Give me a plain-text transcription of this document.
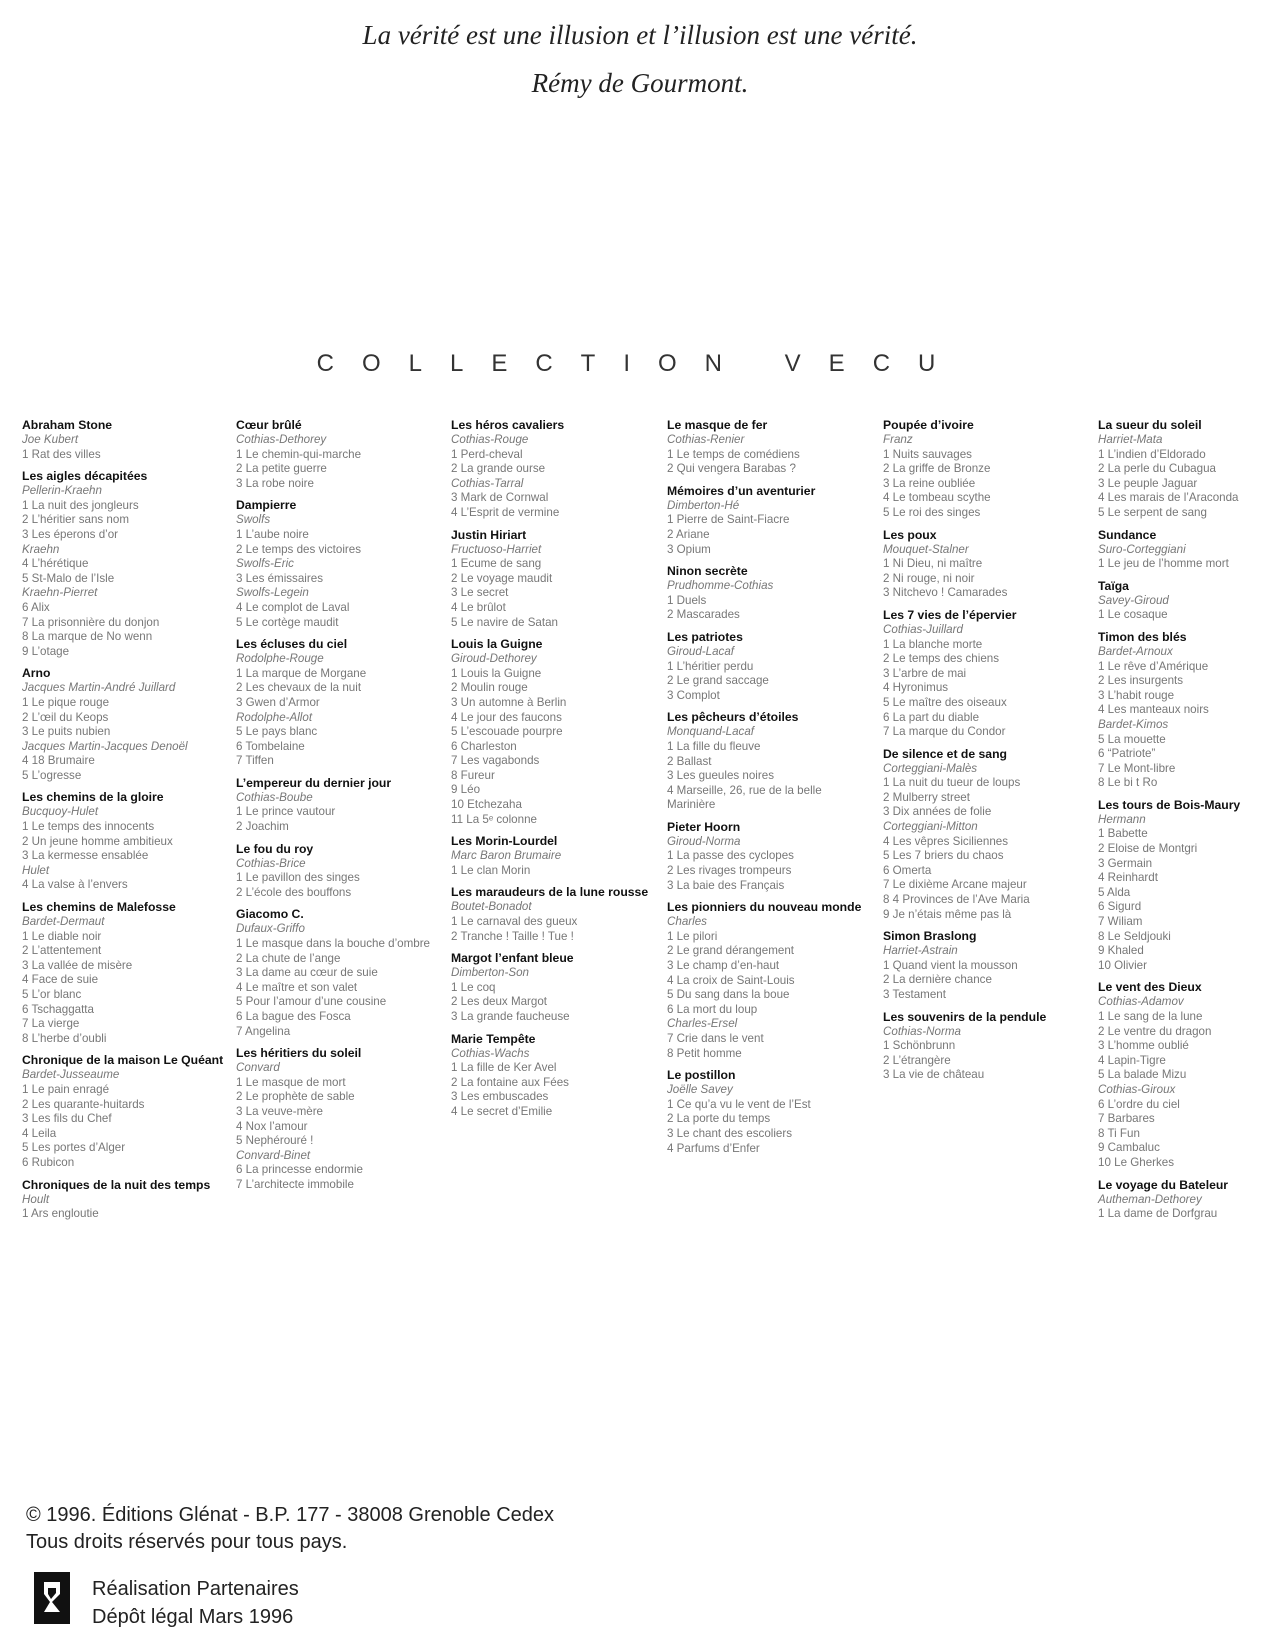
La vérité est une illusion et l’illusion est une vérité.
Rémy de Gourmont.
COLLECTION VECU
Abraham Stone
Joe Kubert
1 Rat des villes
Les aigles décapitées
Pellerin-Kraehn
1 La nuit des jongleurs
2 L’héritier sans nom
3 Les éperons d’or
Kraehn
4 L’hérétique
5 St-Malo de l’Isle
Kraehn-Pierret
6 Alix
7 La prisonnière du donjon
8 La marque de No wenn
9 L’otage
Arno
Jacques Martin-André Juillard
1 Le pique rouge
2 L’œil du Keops
3 Le puits nubien
Jacques Martin-Jacques Denoël
4 18 Brumaire
5 L’ogresse
Les chemins de la gloire
Bucquoy-Hulet
1 Le temps des innocents
2 Un jeune homme ambitieux
3 La kermesse ensablée
Hulet
4 La valse à l’envers
Les chemins de Malefosse
Bardet-Dermaut
1 Le diable noir
2 L’attentement
3 La vallée de misère
4 Face de suie
5 L’or blanc
6 Tschaggatta
7 La vierge
8 L’herbe d’oubli
Chronique de la maison Le Quéant
Bardet-Jusseaume
1 Le pain enragé
2 Les quarante-huitards
3 Les fils du Chef
4 Leila
5 Les portes d’Alger
6 Rubicon
Chroniques de la nuit des temps
Hoult
1 Ars engloutie
Cœur brûlé
Cothias-Dethorey
1 Le chemin-qui-marche
2 La petite guerre
3 La robe noire
Dampierre
Swolfs
1 L’aube noire
2 Le temps des victoires
Swolfs-Eric
3 Les émissaires
Swolfs-Legein
4 Le complot de Laval
5 Le cortège maudit
Les écluses du ciel
Rodolphe-Rouge
1 La marque de Morgane
2 Les chevaux de la nuit
3 Gwen d’Armor
Rodolphe-Allot
5 Le pays blanc
6 Tombelaine
7 Tiffen
L’empereur du dernier jour
Cothias-Boube
1 Le prince vautour
2 Joachim
Le fou du roy
Cothias-Brice
1 Le pavillon des singes
2 L’école des bouffons
Giacomo C.
Dufaux-Griffo
1 Le masque dans la bouche d’ombre
2 La chute de l’ange
3 La dame au cœur de suie
4 Le maître et son valet
5 Pour l’amour d’une cousine
6 La bague des Fosca
7 Angelina
Les héritiers du soleil
Convard
1 Le masque de mort
2 Le prophète de sable
3 La veuve-mère
4 Nox l’amour
5 Nephérouré !
Convard-Binet
6 La princesse endormie
7 L’architecte immobile
Les héros cavaliers
Cothias-Rouge
1 Perd-cheval
2 La grande ourse
Cothias-Tarral
3 Mark de Cornwal
4 L’Esprit de vermine
Justin Hiriart
Fructuoso-Harriet
1 Ecume de sang
2 Le voyage maudit
3 Le secret
4 Le brûlot
5 Le navire de Satan
Louis la Guigne
Giroud-Dethorey
1 Louis la Guigne
2 Moulin rouge
3 Un automne à Berlin
4 Le jour des faucons
5 L’escouade pourpre
6 Charleston
7 Les vagabonds
8 Fureur
9 Léo
10 Etchezaha
11 La 5ᵉ colonne
Les Morin-Lourdel
Marc Baron Brumaire
1 Le clan Morin
Les maraudeurs de la lune rousse
Boutet-Bonadot
1 Le carnaval des gueux
2 Tranche ! Taille ! Tue !
Margot l’enfant bleue
Dimberton-Son
1 Le coq
2 Les deux Margot
3 La grande faucheuse
Marie Tempête
Cothias-Wachs
1 La fille de Ker Avel
2 La fontaine aux Fées
3 Les embuscades
4 Le secret d’Emilie
Le masque de fer
Cothias-Renier
1 Le temps de comédiens
2 Qui vengera Barabas ?
Mémoires d’un aventurier
Dimberton-Hé
1 Pierre de Saint-Fiacre
2 Ariane
3 Opium
Ninon secrète
Prudhomme-Cothias
1 Duels
2 Mascarades
Les patriotes
Giroud-Lacaf
1 L’héritier perdu
2 Le grand saccage
3 Complot
Les pêcheurs d’étoiles
Monquand-Lacaf
1 La fille du fleuve
2 Ballast
3 Les gueules noires
4 Marseille, 26, rue de la belle Marinière
Pieter Hoorn
Giroud-Norma
1 La passe des cyclopes
2 Les rivages trompeurs
3 La baie des Français
Les pionniers du nouveau monde
Charles
1 Le pilori
2 Le grand dérangement
3 Le champ d’en-haut
4 La croix de Saint-Louis
5 Du sang dans la boue
6 La mort du loup
Charles-Ersel
7 Crie dans le vent
8 Petit homme
Le postillon
Joëlle Savey
1 Ce qu’a vu le vent de l’Est
2 La porte du temps
3 Le chant des escoliers
4 Parfums d’Enfer
Poupée d’ivoire
Franz
1 Nuits sauvages
2 La griffe de Bronze
3 La reine oubliée
4 Le tombeau scythe
5 Le roi des singes
Les poux
Mouquet-Stalner
1 Ni Dieu, ni maître
2 Ni rouge, ni noir
3 Nitchevo ! Camarades
Les 7 vies de l’épervier
Cothias-Juillard
1 La blanche morte
2 Le temps des chiens
3 L’arbre de mai
4 Hyronimus
5 Le maître des oiseaux
6 La part du diable
7 La marque du Condor
De silence et de sang
Corteggiani-Malès
1 La nuit du tueur de loups
2 Mulberry street
3 Dix années de folie
Corteggiani-Mitton
4 Les vêpres Siciliennes
5 Les 7 briers du chaos
6 Omerta
7 Le dixième Arcane majeur
8 4 Provinces de l’Ave Maria
9 Je n’étais même pas là
Simon Braslong
Harriet-Astrain
1 Quand vient la mousson
2 La dernière chance
3 Testament
Les souvenirs de la pendule
Cothias-Norma
1 Schönbrunn
2 L’étrangère
3 La vie de château
La sueur du soleil
Harriet-Mata
1 L’indien d’Eldorado
2 La perle du Cubagua
3 Le peuple Jaguar
4 Les marais de l’Araconda
5 Le serpent de sang
Sundance
Suro-Corteggiani
1 Le jeu de l’homme mort
Taïga
Savey-Giroud
1 Le cosaque
Timon des blés
Bardet-Arnoux
1 Le rêve d’Amérique
2 Les insurgents
3 L’habit rouge
4 Les manteaux noirs
Bardet-Kimos
5 La mouette
6 “Patriote”
7 Le Mont-libre
8 Le bi t Ro
Les tours de Bois-Maury
Hermann
1 Babette
2 Eloise de Montgri
3 Germain
4 Reinhardt
5 Alda
6 Sigurd
7 Wiliam
8 Le Seldjouki
9 Khaled
10 Olivier
Le vent des Dieux
Cothias-Adamov
1 Le sang de la lune
2 Le ventre du dragon
3 L’homme oublié
4 Lapin-Tigre
5 La balade Mizu
Cothias-Giroux
6 L’ordre du ciel
7 Barbares
8 Ti Fun
9 Cambaluc
10 Le Gherkes
Le voyage du Bateleur
Autheman-Dethorey
1 La dame de Dorfgrau
© 1996. Éditions Glénat - B.P. 177 - 38008 Grenoble Cedex
Tous droits réservés pour tous pays.
Réalisation Partenaires
Dépôt légal Mars 1996
